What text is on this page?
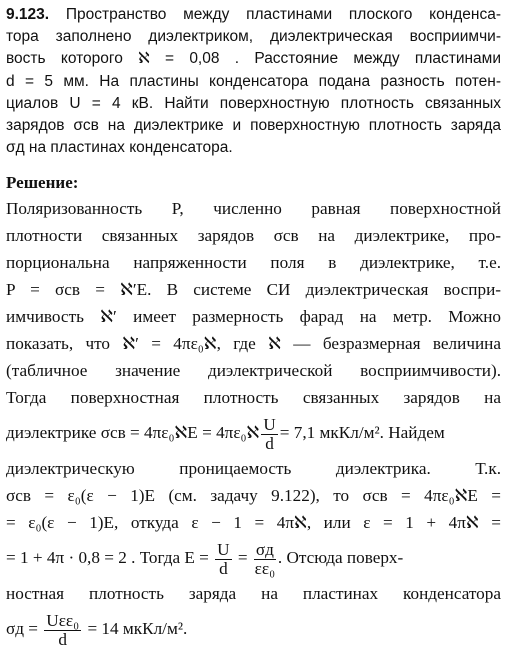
9.123. Пространство между пластинами плоского конденса-
тора заполнено диэлектриком, диэлектрическая восприимчи-
вость которого ℵ = 0,08 . Расстояние между пластинами
d = 5 мм. На пластины конденсатора подана разность потен-
циалов U = 4 кВ. Найти поверхностную плотность связанных
зарядов σсв на диэлектрике и поверхностную плотность заряда
σд на пластинах конденсатора.
Решение:
Поляризованность P, численно равная поверхностной
плотности связанных зарядов σсв на диэлектрике, про-
порциональна напряженности поля в диэлектрике, т.е.
P = σсв = ℵ′E. В системе СИ диэлектрическая воспри-
имчивость ℵ′ имеет размерность фарад на метр. Можно
показать, что ℵ′ = 4πε₀ℵ, где ℵ — безразмерная величина
(табличное значение диэлектрической восприимчивости).
Тогда поверхностная плотность связанных зарядов на
диэлектрике σсв = 4πε₀ℵE = 4πε₀ℵ $\frac{U}{d} = 7,1$ мкКл/м². Найдем
диэлектрическую проницаемость диэлектрика. Т.к.
σсв = ε₀(ε − 1)E (см. задачу 9.122), то σсв = 4πε₀ℵE =
= ε₀(ε − 1)E, откуда ε − 1 = 4πℵ, или ε = 1 + 4πℵ =
= 1 + 4π · 0,8 = 2 . Тогда $E = \frac{U}{d} = \frac{\sigma д}{\text{εε₀}}$ . Отсюда поверх-
ностная плотность заряда на пластинах конденсатора
$\sigma д = \frac{\text{Uεε₀}}{d} = 14$ мкКл/м².
